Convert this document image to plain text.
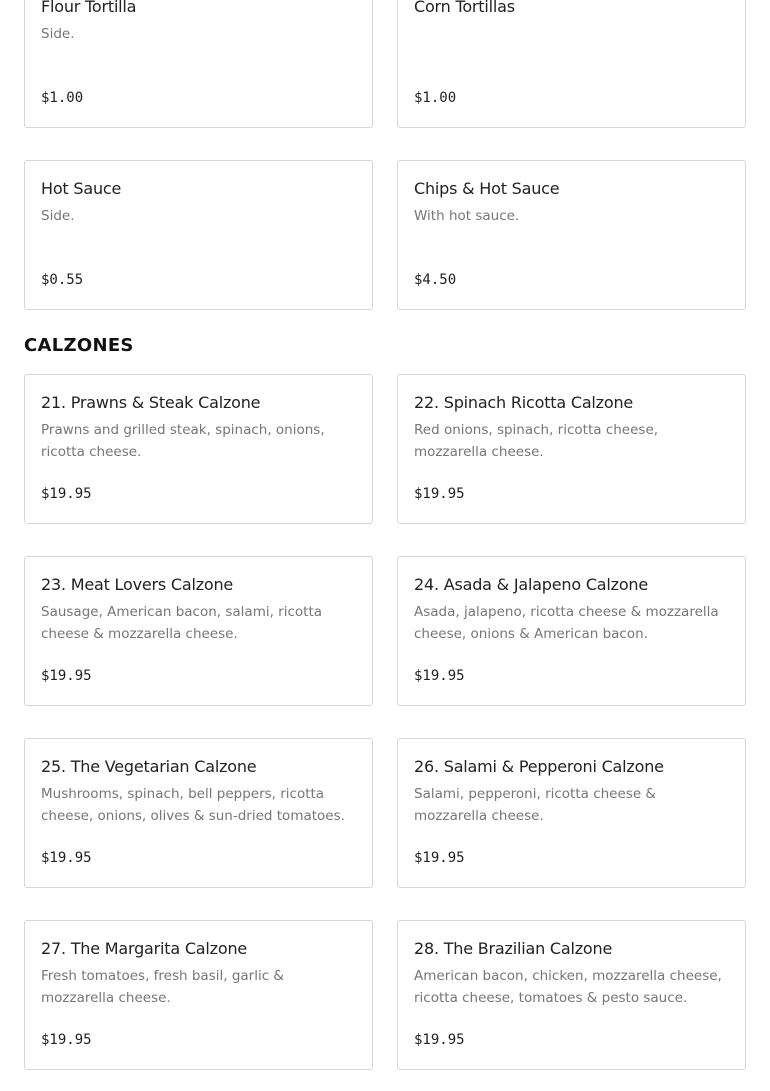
Flour Tortilla
Side.
$1.00
Corn Tortillas
$1.00
Hot Sauce
Side.
$0.55
Chips & Hot Sauce
With hot sauce.
$4.50
CALZONES
21. Prawns & Steak Calzone
Prawns and grilled steak, spinach, onions, ricotta cheese.
$19.95
22. Spinach Ricotta Calzone
Red onions, spinach, ricotta cheese, mozzarella cheese.
$19.95
23. Meat Lovers Calzone
Sausage, American bacon, salami, ricotta cheese & mozzarella cheese.
$19.95
24. Asada & Jalapeno Calzone
Asada, jalapeno, ricotta cheese & mozzarella cheese, onions & American bacon.
$19.95
25. The Vegetarian Calzone
Mushrooms, spinach, bell peppers, ricotta cheese, onions, olives & sun-dried tomatoes.
$19.95
26. Salami & Pepperoni Calzone
Salami, pepperoni, ricotta cheese & mozzarella cheese.
$19.95
27. The Margarita Calzone
Fresh tomatoes, fresh basil, garlic & mozzarella cheese.
$19.95
28. The Brazilian Calzone
American bacon, chicken, mozzarella cheese, ricotta cheese, tomatoes & pesto sauce.
$19.95
